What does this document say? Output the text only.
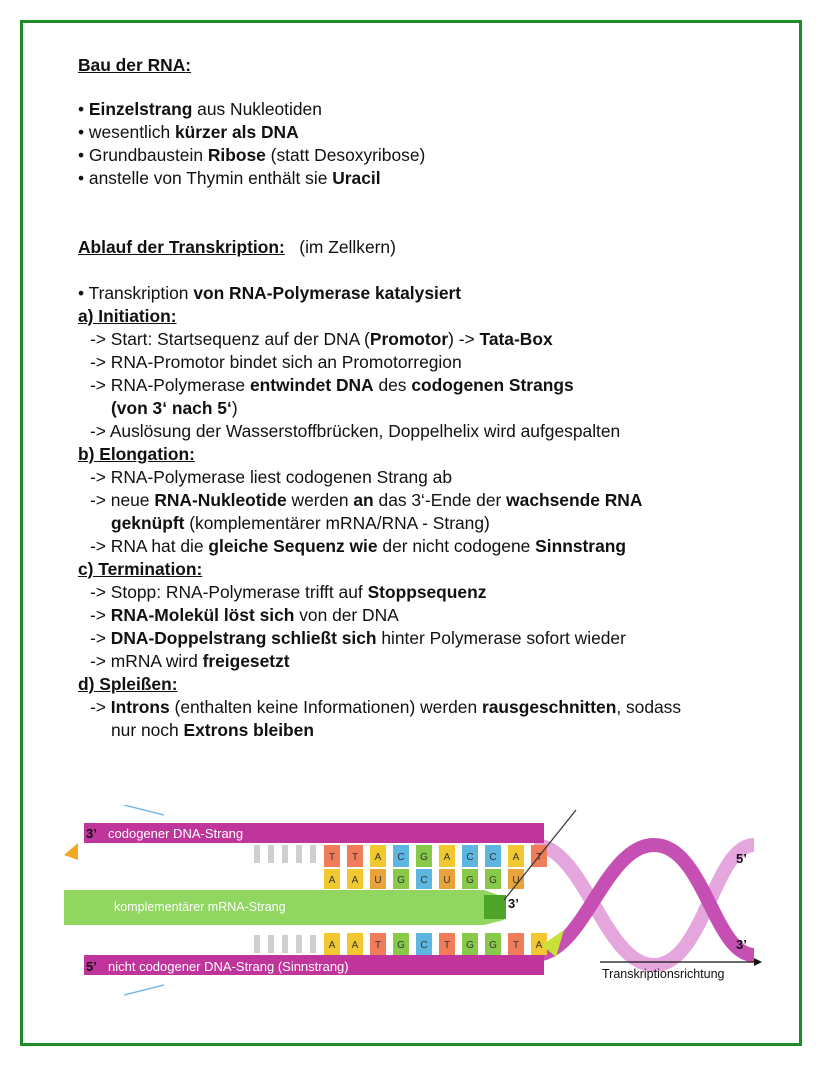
Bau der RNA:
• Einzelstrang aus Nukleotiden
• wesentlich kürzer als DNA
• Grundbaustein Ribose (statt Desoxyribose)
• anstelle von Thymin enthält sie Uracil
Ablauf der Transkription: (im Zellkern)
• Transkription von RNA-Polymerase katalysiert
a) Initiation:
-> Start: Startsequenz auf der DNA (Promotor) -> Tata-Box
-> RNA-Promotor bindet sich an Promotorregion
-> RNA-Polymerase entwindet DNA des codogenen Strangs
(von 3‘ nach 5‘)
-> Auslösung der Wasserstoffbrücken, Doppelhelix wird aufgespalten
b) Elongation:
-> RNA-Polymerase liest codogenen Strang ab
-> neue RNA-Nukleotide werden an das 3‘-Ende der wachsende RNA
geknüpft (komplementärer mRNA/RNA - Strang)
-> RNA hat die gleiche Sequenz wie der nicht codogene Sinnstrang
c) Termination:
-> Stopp: RNA-Polymerase trifft auf Stoppsequenz
-> RNA-Molekül löst sich von der DNA
-> DNA-Doppelstrang schließt sich hinter Polymerase sofort wieder
-> mRNA wird freigesetzt
d) Spleißen:
-> Introns (enthalten keine Informationen) werden rausgeschnitten, sodass
nur noch Extrons bleiben
3’ codogener DNA-Strang
komplementärer mRNA-Strang	3’
5’ nicht codogener DNA-Strang (Sinnstrang)
T T A C G A C C A T
A A U G C U G G U
A A T G C T G G T A
5’
3’
Transkriptionsrichtung
